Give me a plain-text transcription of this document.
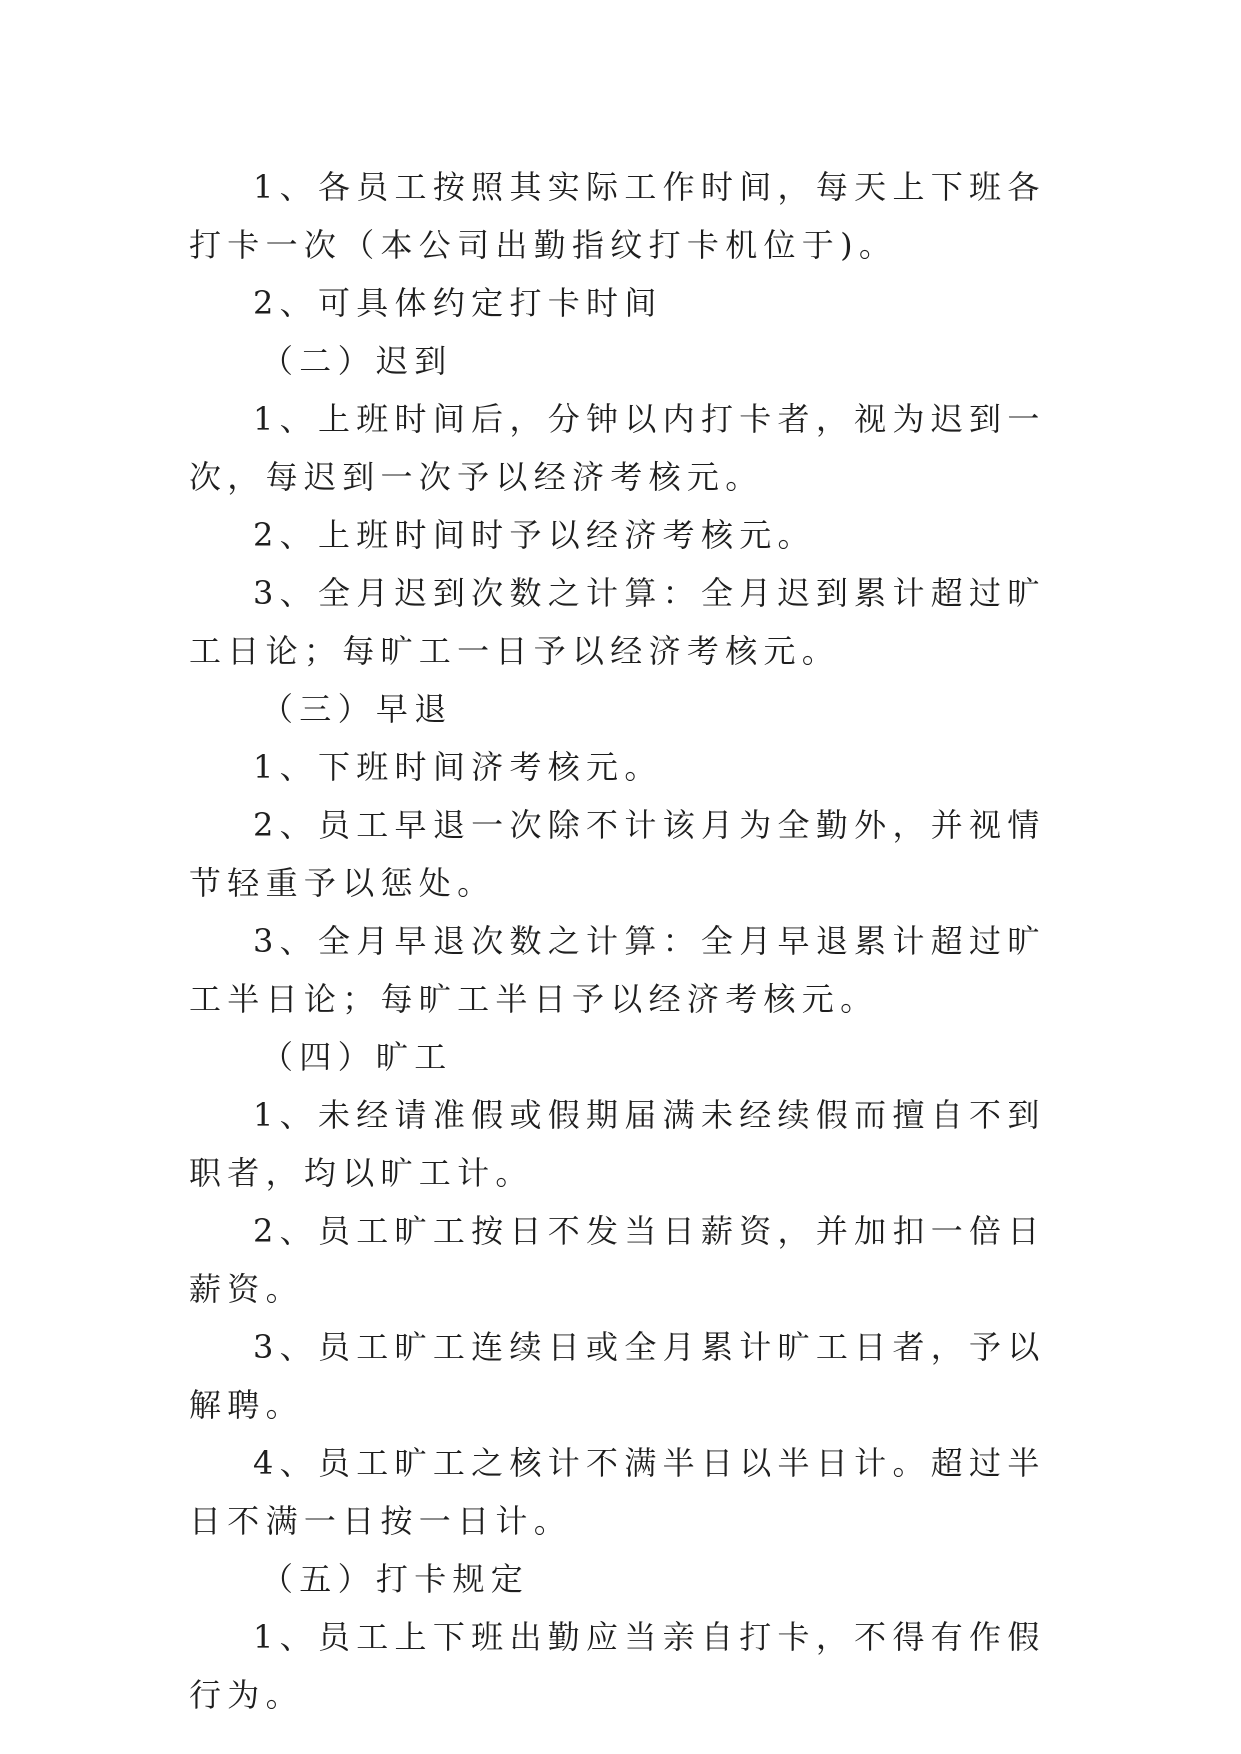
1、各员工按照其实际工作时间，每天上下班各打卡一次（本公司出勤指纹打卡机位于)。

2、可具体约定打卡时间

（二）迟到

1、上班时间后，分钟以内打卡者，视为迟到一次，每迟到一次予以经济考核元。

2、上班时间时予以经济考核元。

3、全月迟到次数之计算：全月迟到累计超过旷工日论；每旷工一日予以经济考核元。

（三）早退

1、下班时间济考核元。

2、员工早退一次除不计该月为全勤外，并视情节轻重予以惩处。

3、全月早退次数之计算：全月早退累计超过旷工半日论；每旷工半日予以经济考核元。

（四）旷工

1、未经请准假或假期届满未经续假而擅自不到职者，均以旷工计。

2、员工旷工按日不发当日薪资，并加扣一倍日薪资。

3、员工旷工连续日或全月累计旷工日者，予以解聘。

4、员工旷工之核计不满半日以半日计。超过半日不满一日按一日计。

（五）打卡规定

1、员工上下班出勤应当亲自打卡，不得有作假行为。
